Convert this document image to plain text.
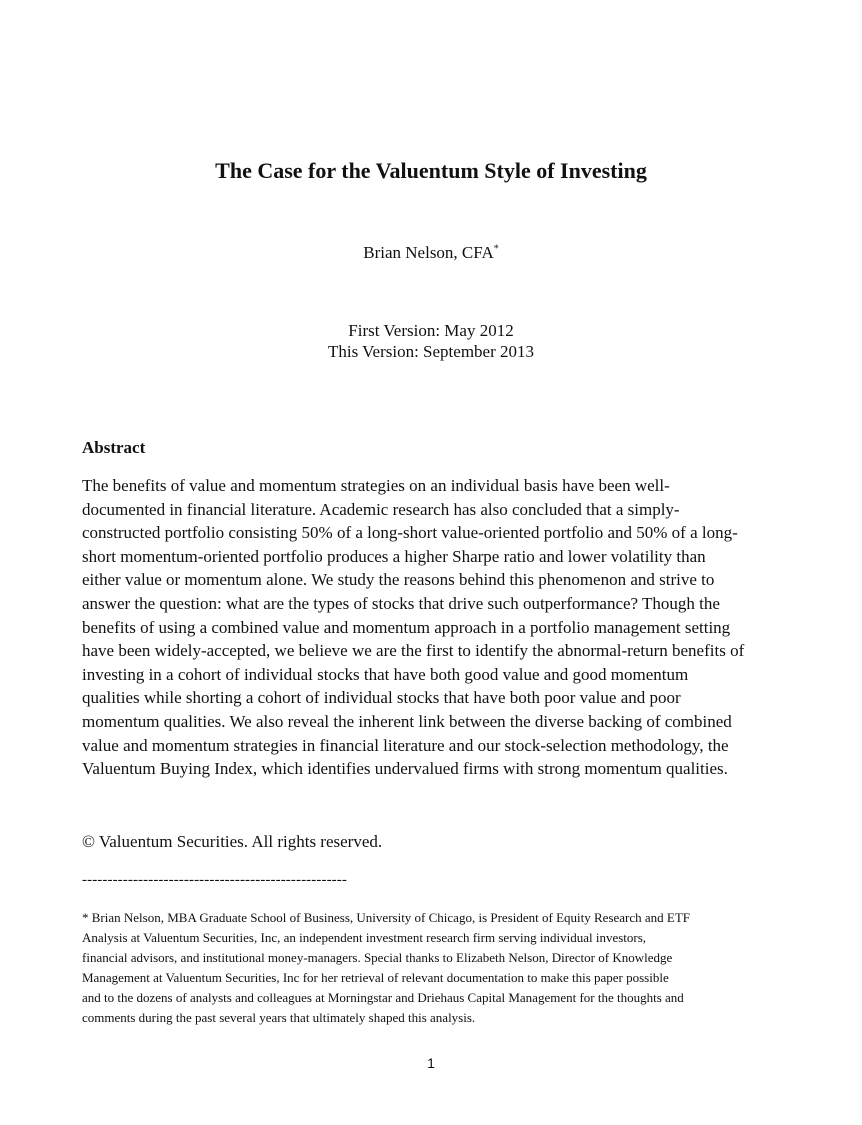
The Case for the Valuentum Style of Investing
Brian Nelson, CFA*
First Version: May 2012
This Version: September 2013
Abstract
The benefits of value and momentum strategies on an individual basis have been well-
documented in financial literature. Academic research has also concluded that a simply-
constructed portfolio consisting 50% of a long-short value-oriented portfolio and 50% of a long-
short momentum-oriented portfolio produces a higher Sharpe ratio and lower volatility than
either value or momentum alone. We study the reasons behind this phenomenon and strive to
answer the question: what are the types of stocks that drive such outperformance? Though the
benefits of using a combined value and momentum approach in a portfolio management setting
have been widely-accepted, we believe we are the first to identify the abnormal-return benefits of
investing in a cohort of individual stocks that have both good value and good momentum
qualities while shorting a cohort of individual stocks that have both poor value and poor
momentum qualities. We also reveal the inherent link between the diverse backing of combined
value and momentum strategies in financial literature and our stock-selection methodology, the
Valuentum Buying Index, which identifies undervalued firms with strong momentum qualities.
© Valuentum Securities. All rights reserved.
----------------------------------------------------
* Brian Nelson, MBA Graduate School of Business, University of Chicago, is President of Equity Research and ETF
Analysis at Valuentum Securities, Inc, an independent investment research firm serving individual investors,
financial advisors, and institutional money-managers. Special thanks to Elizabeth Nelson, Director of Knowledge
Management at Valuentum Securities, Inc for her retrieval of relevant documentation to make this paper possible
and to the dozens of analysts and colleagues at Morningstar and Driehaus Capital Management for the thoughts and
comments during the past several years that ultimately shaped this analysis.
1
